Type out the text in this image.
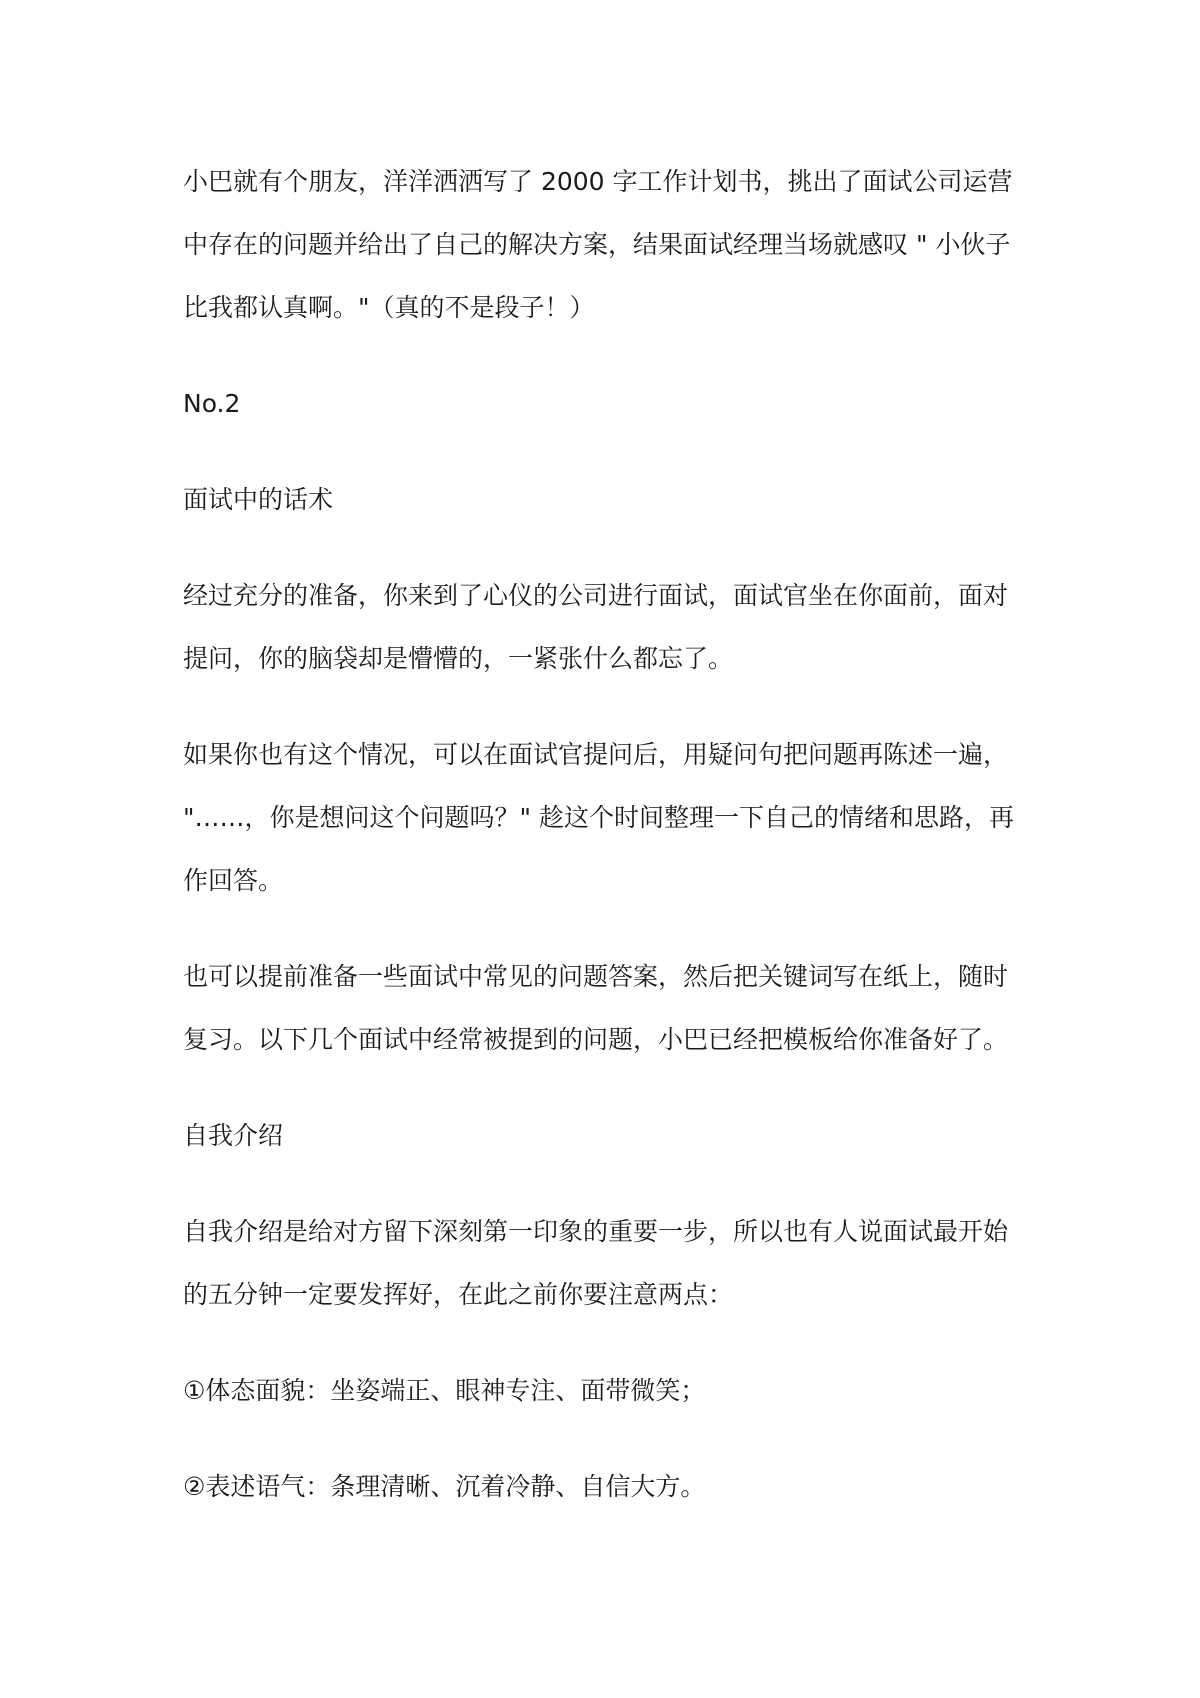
小巴就有个朋友，洋洋洒洒写了 2000 字工作计划书，挑出了面试公司运营
中存在的问题并给出了自己的解决方案，结果面试经理当场就感叹 " 小伙子
比我都认真啊。"（真的不是段子！）
No.2
面试中的话术
经过充分的准备，你来到了心仪的公司进行面试，面试官坐在你面前，面对
提问，你的脑袋却是懵懵的，一紧张什么都忘了。
如果你也有这个情况，可以在面试官提问后，用疑问句把问题再陈述一遍，
"……，你是想问这个问题吗？" 趁这个时间整理一下自己的情绪和思路，再
作回答。
也可以提前准备一些面试中常见的问题答案，然后把关键词写在纸上，随时
复习。以下几个面试中经常被提到的问题，小巴已经把模板给你准备好了。
自我介绍
自我介绍是给对方留下深刻第一印象的重要一步，所以也有人说面试最开始
的五分钟一定要发挥好，在此之前你要注意两点：
①体态面貌：坐姿端正、眼神专注、面带微笑；
②表述语气：条理清晰、沉着冷静、自信大方。
